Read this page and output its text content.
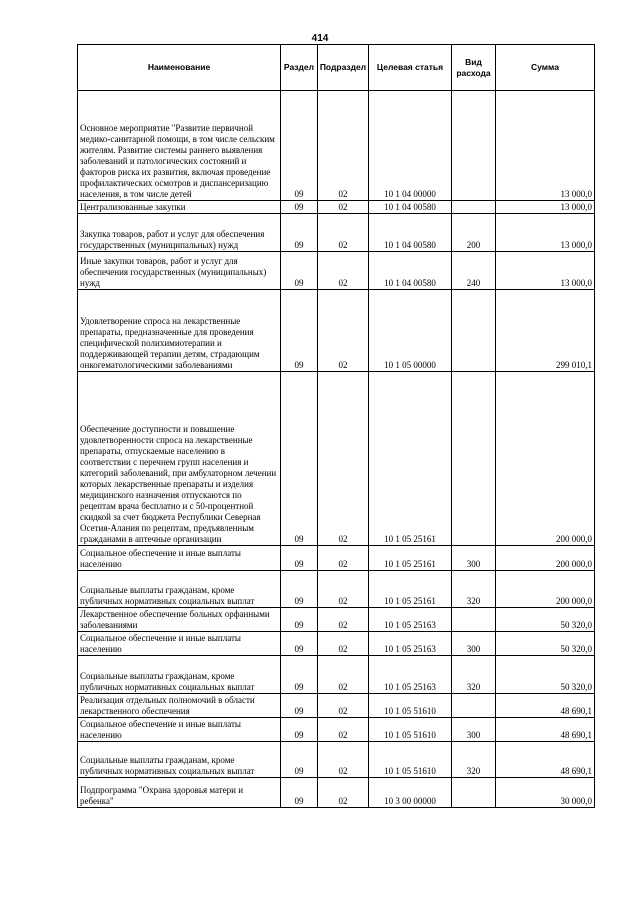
414
Наименование	Раздел	Подраздел	Целевая статья	Вид расхода	Сумма
Основное мероприятие "Развитие первичной медико-санитарной помощи, в том числе сельским жителям. Развитие системы раннего выявления заболеваний и патологических состояний и факторов риска их развития, включая проведение профилактических осмотров и диспансеризацию населения, в том числе детей	09	02	10 1 04 00000		13 000,0
Централизованные закупки	09	02	10 1 04 00580		13 000,0
Закупка товаров, работ и услуг для обеспечения государственных (муниципальных) нужд	09	02	10 1 04 00580	200	13 000,0
Иные закупки товаров, работ и услуг для обеспечения государственных (муниципальных) нужд	09	02	10 1 04 00580	240	13 000,0
Удовлетворение спроса на лекарственные препараты, предназначенные для проведения специфической полихимиотерапии и поддерживающей терапии детям, страдающим онкогематологическими заболеваниями	09	02	10 1 05 00000		299 010,1
Обеспечение доступности и повышение удовлетворенности спроса на лекарственные препараты, отпускаемые населению в соответствии с перечнем групп населения и категорий заболеваний, при амбулаторном лечении которых лекарственные препараты и изделия медицинского назначения отпускаются по рецептам врача бесплатно и с 50-процентной скидкой за счет бюджета Республики Северная Осетия-Алания по рецептам, предъявленным гражданами в аптечные организации	09	02	10 1 05 25161		200 000,0
Социальное обеспечение и иные выплаты населению	09	02	10 1 05 25161	300	200 000,0
Социальные выплаты гражданам, кроме публичных нормативных социальных выплат	09	02	10 1 05 25161	320	200 000,0
Лекарственное обеспечение больных орфанными заболеваниями	09	02	10 1 05 25163		50 320,0
Социальное обеспечение и иные выплаты населению	09	02	10 1 05 25163	300	50 320,0
Социальные выплаты гражданам, кроме публичных нормативных социальных выплат	09	02	10 1 05 25163	320	50 320,0
Реализация отдельных полномочий в области лекарственного обеспечения	09	02	10 1 05 51610		48 690,1
Социальное обеспечение и иные выплаты населению	09	02	10 1 05 51610	300	48 690,1
Социальные выплаты гражданам, кроме публичных нормативных социальных выплат	09	02	10 1 05 51610	320	48 690,1
Подпрограмма "Охрана здоровья матери и ребенка"	09	02	10 3 00 00000		30 000,0
